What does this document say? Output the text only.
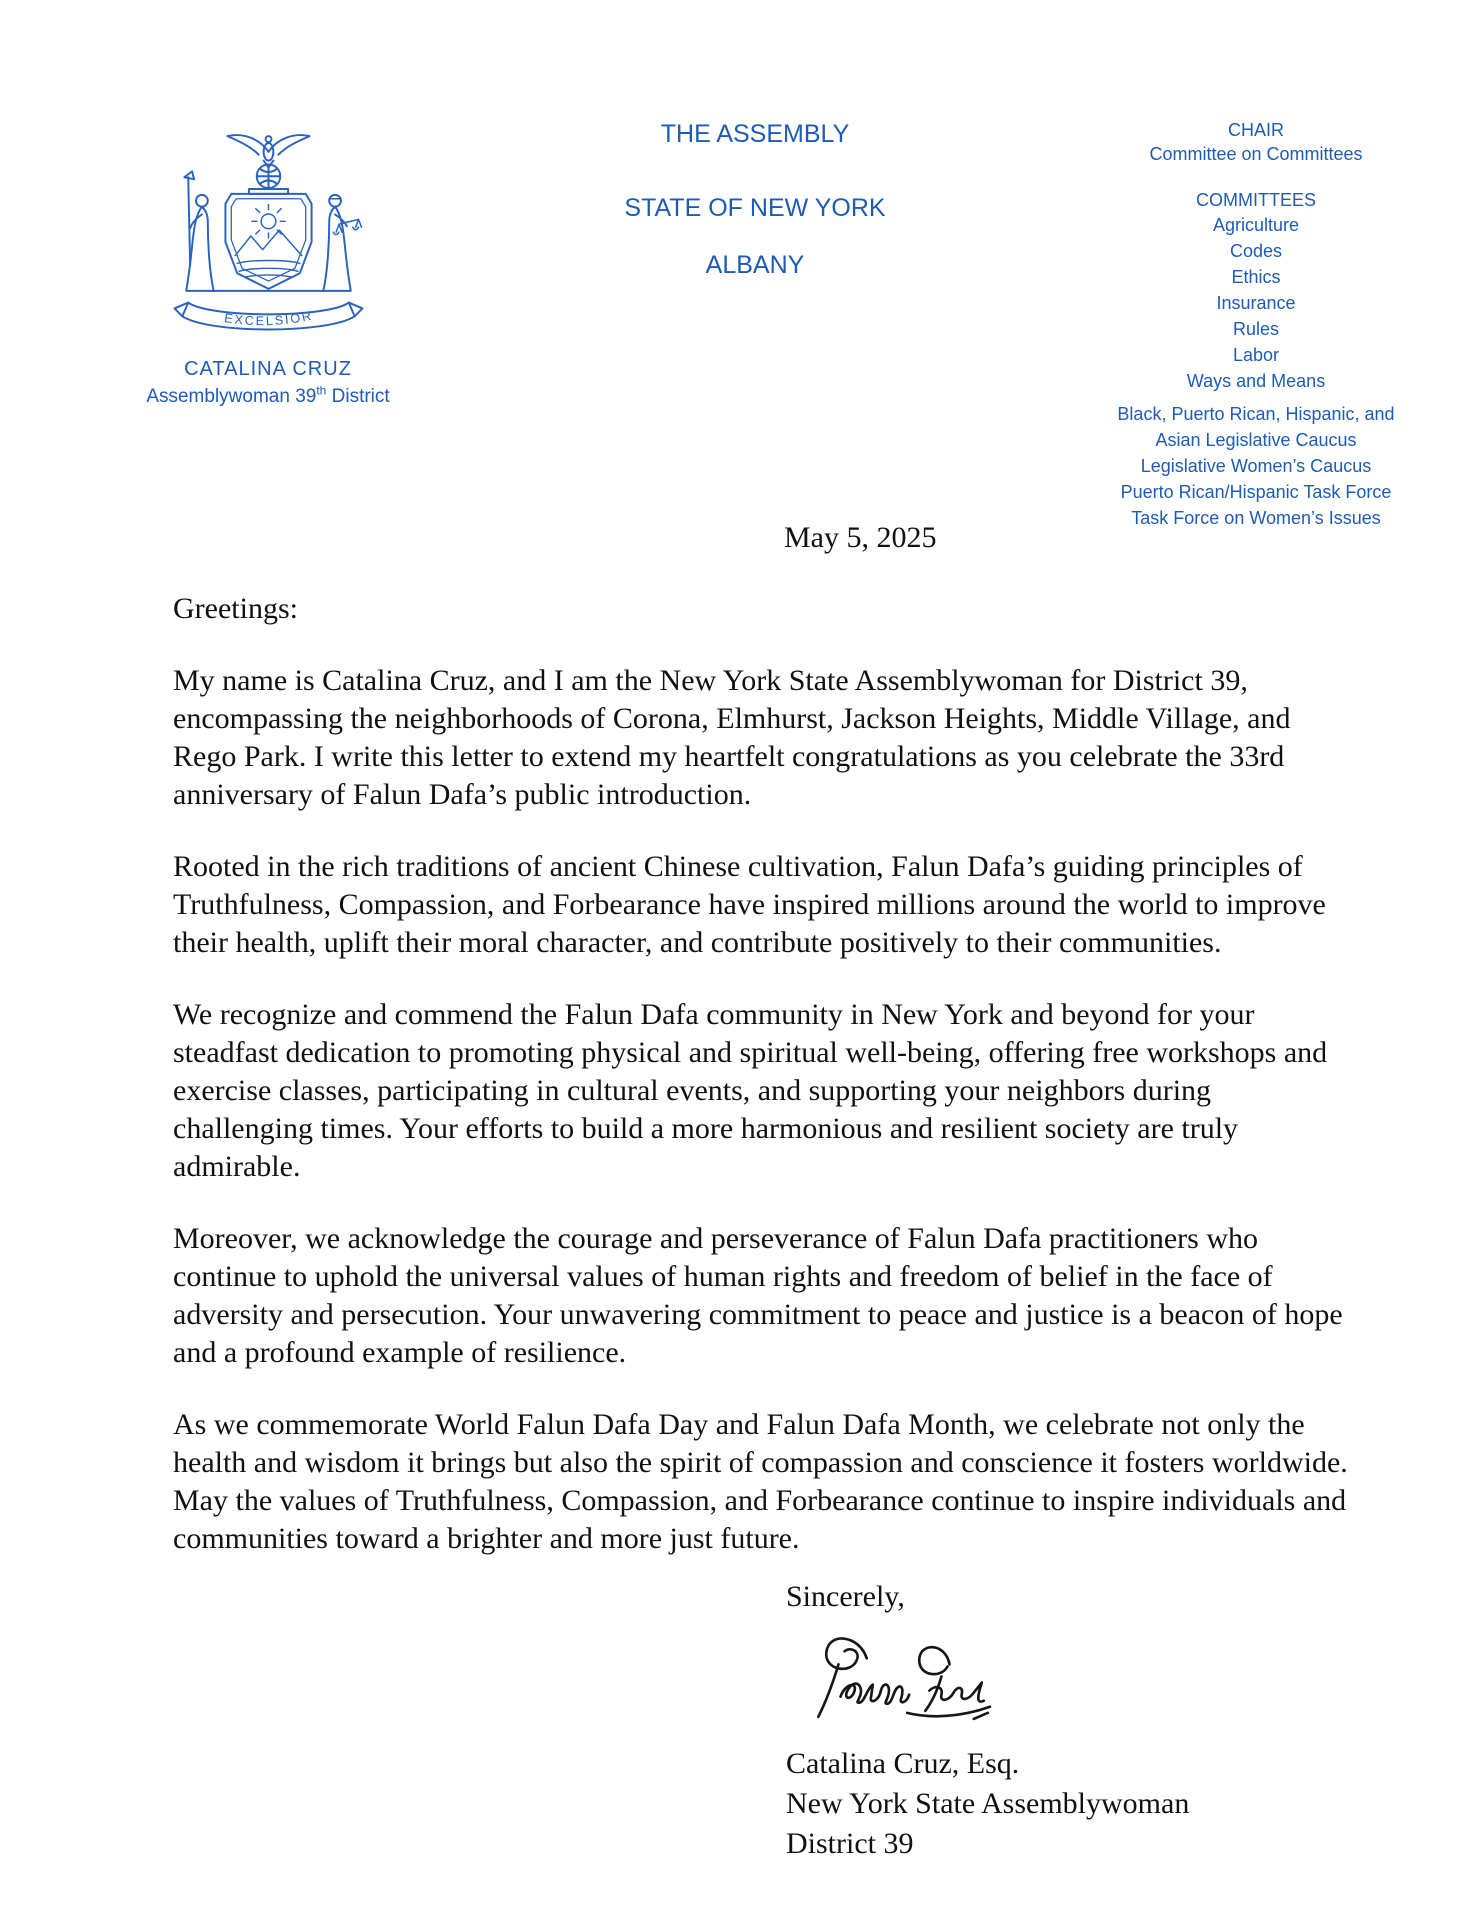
EXCELSIOR
CATALINA CRUZ
Assemblywoman 39th District
THE ASSEMBLY
STATE OF NEW YORK
ALBANY
CHAIR
Committee on Committees
COMMITTEES
Agriculture
Codes
Ethics
Insurance
Rules
Labor
Ways and Means
Black, Puerto Rican, Hispanic, and Asian Legislative Caucus
Legislative Women’s Caucus
Puerto Rican/Hispanic Task Force
Task Force on Women’s Issues
May 5, 2025

Greetings:

My name is Catalina Cruz, and I am the New York State Assemblywoman for District 39, encompassing the neighborhoods of Corona, Elmhurst, Jackson Heights, Middle Village, and Rego Park. I write this letter to extend my heartfelt congratulations as you celebrate the 33rd anniversary of Falun Dafa’s public introduction.

Rooted in the rich traditions of ancient Chinese cultivation, Falun Dafa’s guiding principles of Truthfulness, Compassion, and Forbearance have inspired millions around the world to improve their health, uplift their moral character, and contribute positively to their communities.

We recognize and commend the Falun Dafa community in New York and beyond for your steadfast dedication to promoting physical and spiritual well-being, offering free workshops and exercise classes, participating in cultural events, and supporting your neighbors during challenging times. Your efforts to build a more harmonious and resilient society are truly admirable.

Moreover, we acknowledge the courage and perseverance of Falun Dafa practitioners who continue to uphold the universal values of human rights and freedom of belief in the face of adversity and persecution. Your unwavering commitment to peace and justice is a beacon of hope and a profound example of resilience.

As we commemorate World Falun Dafa Day and Falun Dafa Month, we celebrate not only the health and wisdom it brings but also the spirit of compassion and conscience it fosters worldwide. May the values of Truthfulness, Compassion, and Forbearance continue to inspire individuals and communities toward a brighter and more just future.

Sincerely,
Catalina Cruz, Esq.
New York State Assemblywoman
District 39
